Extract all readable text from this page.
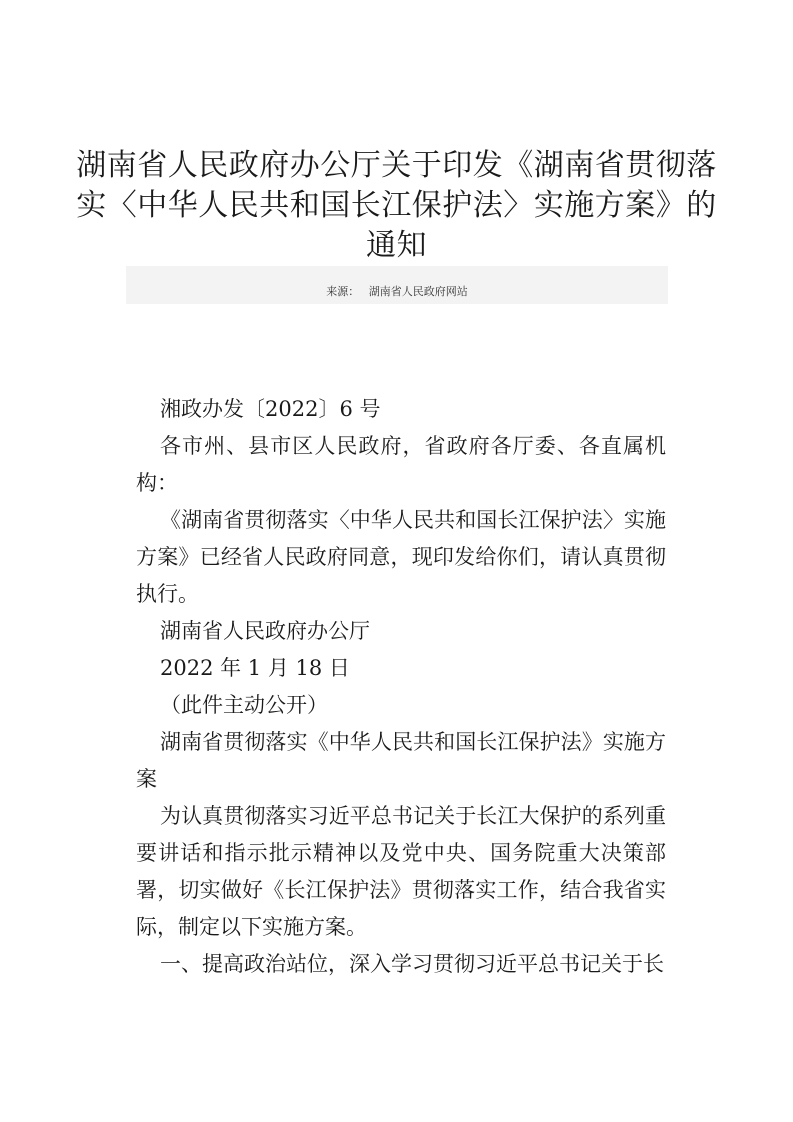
湖南省人民政府办公厅关于印发《湖南省贯彻落
实〈中华人民共和国长江保护法〉实施方案》的
通知
来源： 湖南省人民政府网站

湘政办发〔2022〕6 号

各市州、县市区人民政府，省政府各厅委、各直属机构：

《湖南省贯彻落实〈中华人民共和国长江保护法〉实施方案》已经省人民政府同意，现印发给你们，请认真贯彻执行。

湖南省人民政府办公厅

2022 年 1 月 18 日

（此件主动公开）

湖南省贯彻落实《中华人民共和国长江保护法》实施方案

为认真贯彻落实习近平总书记关于长江大保护的系列重要讲话和指示批示精神以及党中央、国务院重大决策部署，切实做好《长江保护法》贯彻落实工作，结合我省实际，制定以下实施方案。

一、提高政治站位，深入学习贯彻习近平总书记关于长
